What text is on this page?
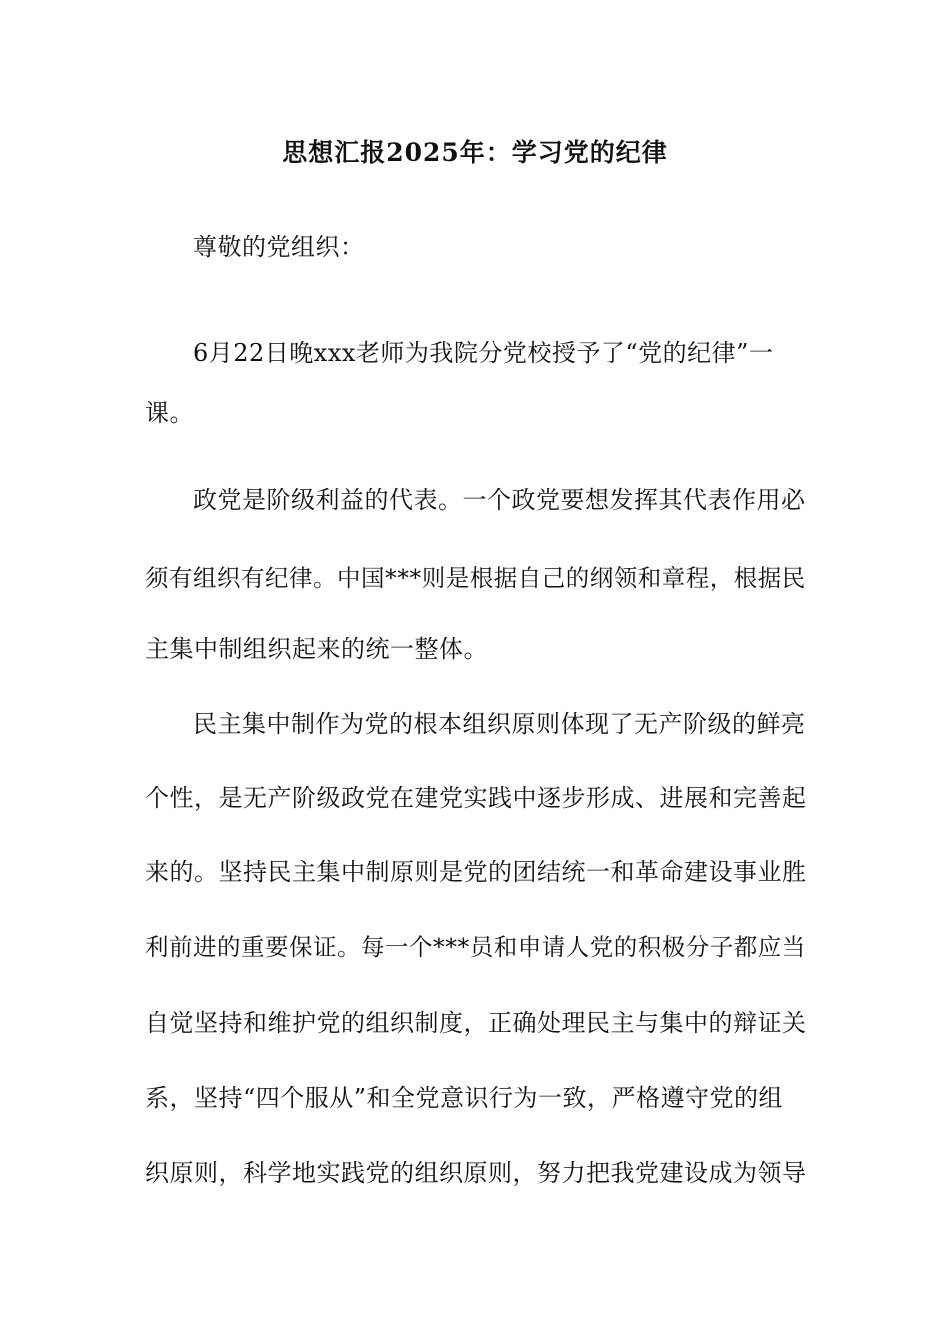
思想汇报2025年：学习党的纪律
尊敬的党组织：
6月22日晚xxx老师为我院分党校授予了“党的纪律”一
课。
政党是阶级利益的代表。一个政党要想发挥其代表作用必
须有组织有纪律。中国***则是根据自己的纲领和章程，根据民
主集中制组织起来的统一整体。
民主集中制作为党的根本组织原则体现了无产阶级的鲜亮
个性，是无产阶级政党在建党实践中逐步形成、进展和完善起
来的。坚持民主集中制原则是党的团结统一和革命建设事业胜
利前进的重要保证。每一个***员和申请人党的积极分子都应当
自觉坚持和维护党的组织制度，正确处理民主与集中的辩证关
系，坚持“四个服从”和全党意识行为一致，严格遵守党的组
织原则，科学地实践党的组织原则，努力把我党建设成为领导
